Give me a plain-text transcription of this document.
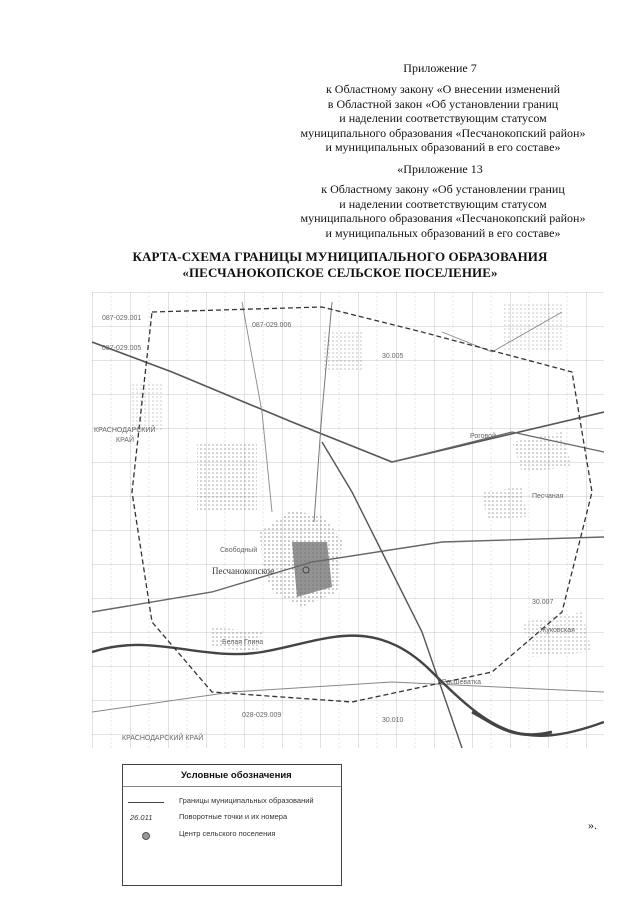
Приложение 7
к Областному закону «О внесении изменений
в Областной закон «Об установлении границ
и наделении соответствующим статусом
муниципального образования «Песчанокопский район»
и муниципальных образований в его составе»
«Приложение 13
к Областному закону «Об установлении границ
и наделении соответствующим статусом
муниципального образования «Песчанокопский район»
и муниципальных образований в его составе»
КАРТА-СХЕМА ГРАНИЦЫ МУНИЦИПАЛЬНОГО ОБРАЗОВАНИЯ
«ПЕСЧАНОКОПСКОЕ СЕЛЬСКОЕ ПОСЕЛЕНИЕ»
087-029.001
087-029.005
087-029.006
30.005
30.007
30.010
028-029.009
КРАСНОДАРСКИЙ
КРАЙ
КРАСНОДАРСКИЙ КРАЙ
Песчанокопское
Свободный
Белая Глина
Роговой
Жуковская
Песчаная
Расшеватка
Условные обозначения
Границы муниципальных образований
26.011	Поворотные точки и их номера
Центр сельского поселения
».
